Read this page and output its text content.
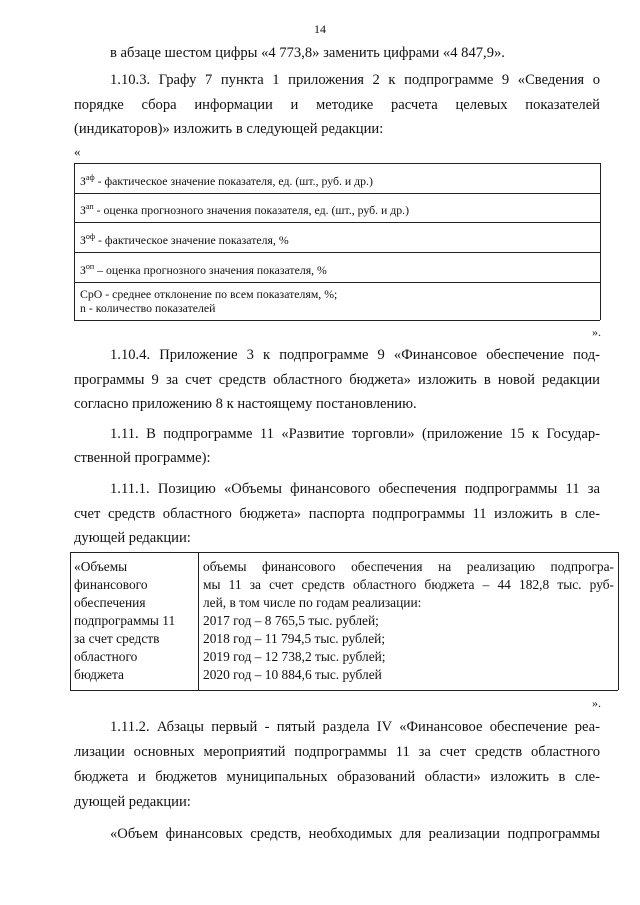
14
в абзаце шестом цифры «4 773,8» заменить цифрами «4 847,9».
1.10.3. Графу 7 пункта 1 приложения 2 к подпрограмме 9 «Сведения о
порядке сбора информации и методике расчета целевых показателей
(индикаторов)» изложить в следующей редакции:
«
$З^{аф}$ - фактическое значение показателя, ед. (шт., руб. и др.)
$З^{ап}$ - оценка прогнозного значения показателя, ед. (шт., руб. и др.)
$З^{оф}$ - фактическое значение показателя, %
$З^{оп}$ – оценка прогнозного значения показателя, %
СрО - среднее отклонение по всем показателям, %;
n - количество показателей
».
1.10.4. Приложение 3 к подпрограмме 9 «Финансовое обеспечение под-
программы 9 за счет средств областного бюджета» изложить в новой редакции
согласно приложению 8 к настоящему постановлению.
1.11. В подпрограмме 11 «Развитие торговли» (приложение 15 к Государ-
ственной программе):
1.11.1. Позицию «Объемы финансового обеспечения подпрограммы 11 за
счет средств областного бюджета» паспорта подпрограммы 11 изложить в сле-
дующей редакции:
«Объемы
финансового
обеспечения
подпрограммы 11
за счет средств
областного
бюджета
объемы финансового обеспечения на реализацию подпрогра-
мы 11 за счет средств областного бюджета – 44 182,8 тыс. руб-
лей, в том числе по годам реализации:
2017 год – 8 765,5 тыс. рублей;
2018 год – 11 794,5 тыс. рублей;
2019 год – 12 738,2 тыс. рублей;
2020 год – 10 884,6 тыс. рублей
».
1.11.2. Абзацы первый - пятый раздела IV «Финансовое обеспечение реа-
лизации основных мероприятий подпрограммы 11 за счет средств областного
бюджета и бюджетов муниципальных образований области» изложить в сле-
дующей редакции:
«Объем финансовых средств, необходимых для реализации подпрограммы
